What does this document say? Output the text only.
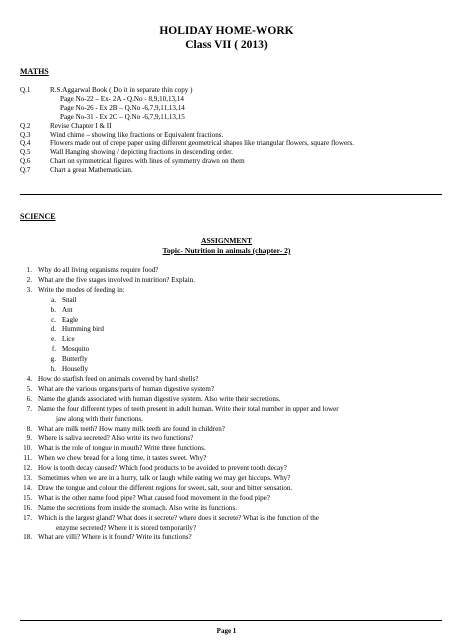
HOLIDAY HOME-WORK
Class VII ( 2013)
MATHS
Q.1	R.S.Aggarwal Book ( Do it in separate thin copy )
Page No-22 – Ex- 2A - Q.No - 8,9,10,13,14
Page No-26 - Ex 2B – Q.No -6,7,9,11,13,14
Page No-31 - Ex 2C – Q.No -6,7,9,11,13,15
Q.2	Revise Chapter I & II
Q.3	Wind chime – showing like fractions or Equivalent fractions.
Q.4	Flowers made out of crepe paper using different geometrical shapes like triangular flowers, square flowers.
Q.5	Wall Hanging showing / depicting fractions in descending order.
Q.6	Chart on symmetrical figures with lines of symmetry drawn on them
Q.7	Chart a great Mathematician.
SCIENCE
ASSIGNMENT
Topic- Nutrition in animals (chapter- 2)
1. Why do all living organisms require food?
2. What are the five stages involved in nutrition? Explain.
3. Write the modes of feeding in:
a. Snail
b. Ant
c. Eagle
d. Humming bird
e. Lice
f. Mosquito
g. Butterfly
h. Housefly
4. How do starfish feed on animals covered by hard shells?
5. What are the various organs/parts of human digestive system?
6. Name the glands associated with human digestive system. Also write their secretions.
7. Name the four different types of teeth present in adult human. Write their total number in upper and lower
jaw along with their functions.
8. What are milk teeth? How many milk teeth are found in children?
9. Where is saliva secreted? Also write its two functions?
10. What is the role of tongue in mouth? Write three functions.
11. When we chew bread for a long time, it tastes sweet. Why?
12. How is tooth decay caused? Which food products to be avoided to prevent tooth decay?
13. Sometimes when we are in a hurry, talk or laugh while eating we may get hiccups. Why?
14. Draw the tongue and colour the different regions for sweet, salt, sour and bitter sensation.
15. What is the other name food pipe? What caused food movement in the food pipe?
16. Name the secretions from inside the stomach. Also write its functions.
17. Which is the largest gland? What does it secrete? where does it secrete? What is the function of the
enzyme secreted? Where it is stored temporarily?
18. What are villi? Where is it found? Write its functions?
Page 1
